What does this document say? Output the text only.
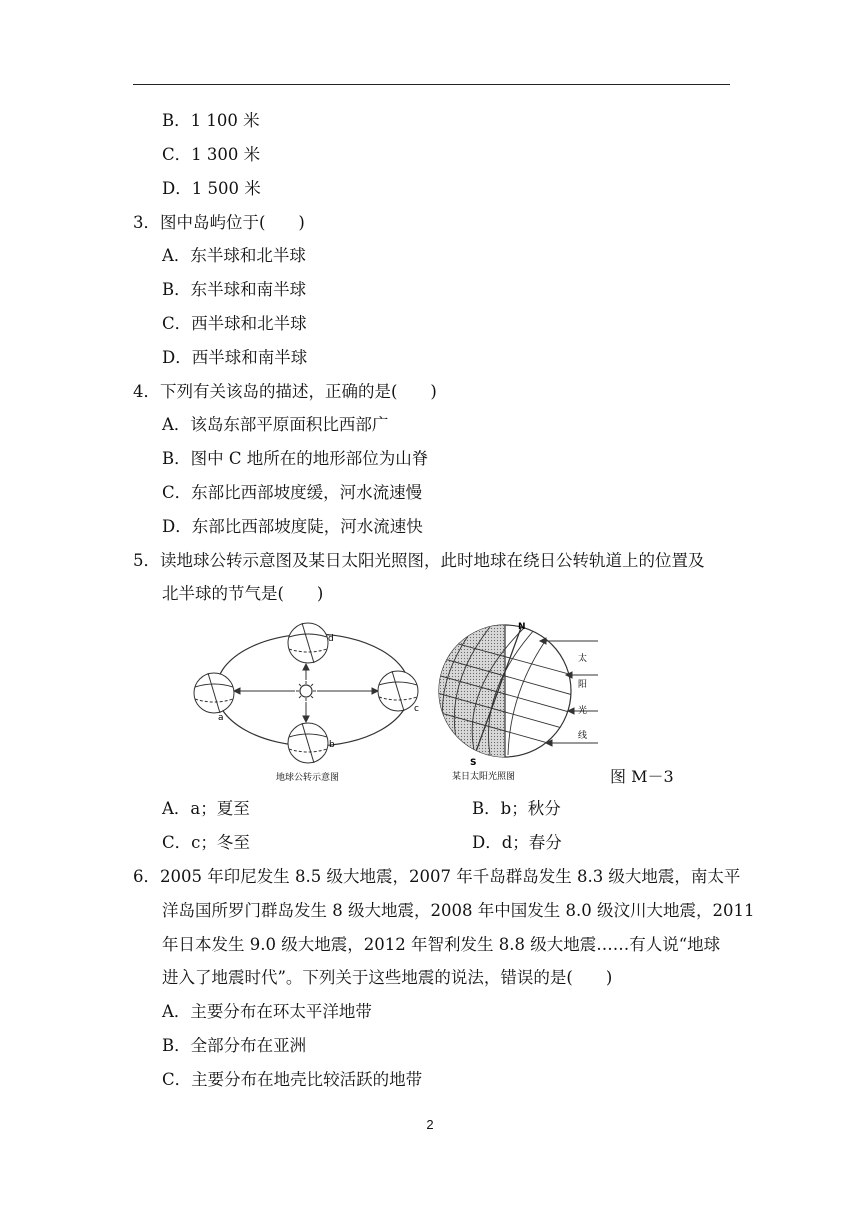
B．1 100 米
C．1 300 米
D．1 500 米
3．图中岛屿位于(　　)
A．东半球和北半球
B．东半球和南半球
C．西半球和北半球
D．西半球和南半球
4．下列有关该岛的描述，正确的是(　　)
A．该岛东部平原面积比西部广
B．图中 C 地所在的地形部位为山脊
C．东部比西部坡度缓，河水流速慢
D．东部比西部坡度陡，河水流速快
5．读地球公转示意图及某日太阳光照图，此时地球在绕日公转轨道上的位置及
北半球的节气是(　　)
a
b
c
d
地球公转示意图
N
S
太
阳
光
线
某日太阳光照图	图 M－3
A．a；夏至	B．b；秋分
C．c；冬至	D．d；春分
6．2005 年印尼发生 8.5 级大地震，2007 年千岛群岛发生 8.3 级大地震，南太平
洋岛国所罗门群岛发生 8 级大地震，2008 年中国发生 8.0 级汶川大地震，2011
年日本发生 9.0 级大地震，2012 年智利发生 8.8 级大地震……有人说“地球
进入了地震时代”。下列关于这些地震的说法，错误的是(　　)
A．主要分布在环太平洋地带
B．全部分布在亚洲
C．主要分布在地壳比较活跃的地带
2
